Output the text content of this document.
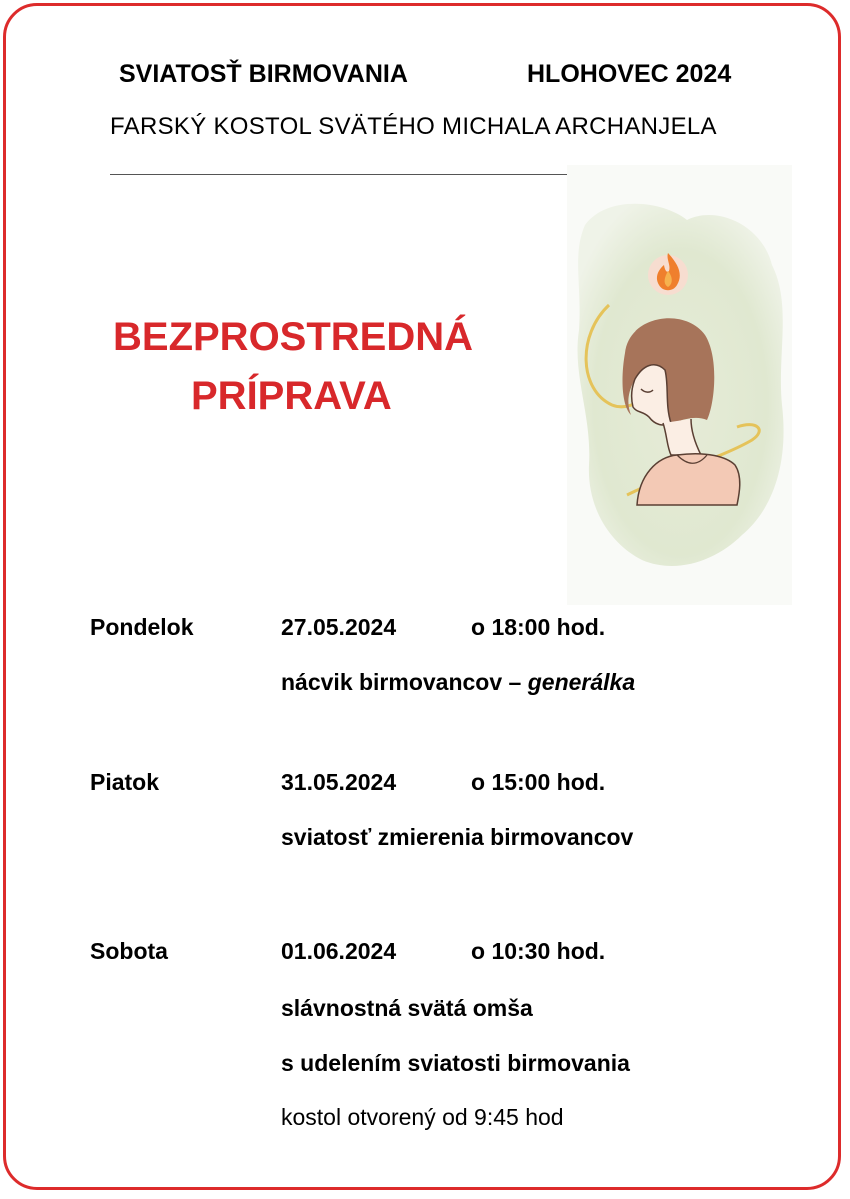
SVIATOSŤ BIRMOVANIA	HLOHOVEC 2024
FARSKÝ KOSTOL SVÄTÉHO MICHALA ARCHANJELA
BEZPROSTREDNÁ
PRÍPRAVA
Pondelok	27.05.2024	o 18:00 hod.
nácvik birmovancov – generálka
Piatok	31.05.2024	o 15:00 hod.
sviatosť zmierenia birmovancov
Sobota	01.06.2024	o 10:30 hod.
slávnostná svätá omša
s udelením sviatosti birmovania
kostol otvorený od 9:45 hod
